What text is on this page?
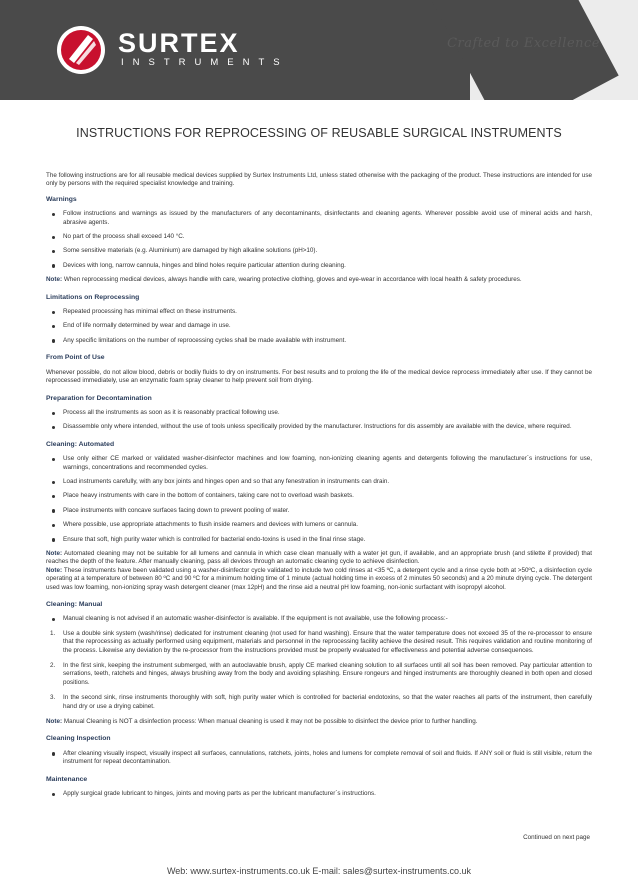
SURTEX
INSTRUMENTS
Crafted to Excellence
INSTRUCTIONS FOR REPROCESSING OF REUSABLE SURGICAL INSTRUMENTS

The following instructions are for all reusable medical devices supplied by Surtex Instruments Ltd, unless stated otherwise with the packaging of the product. These instructions are intended for use only by persons with the required specialist knowledge and training.

Warnings
Follow instructions and warnings as issued by the manufacturers of any decontaminants, disinfectants and cleaning agents. Wherever possible avoid use of mineral acids and harsh, abrasive agents.
No part of the process shall exceed 140 °C.
Some sensitive materials (e.g. Aluminium) are damaged by high alkaline solutions (pH>10).
Devices with long, narrow cannula, hinges and blind holes require particular attention during cleaning.

Note: When reprocessing medical devices, always handle with care, wearing protective clothing, gloves and eye-wear in accordance with local health & safety procedures.

Limitations on Reprocessing
Repeated processing has minimal effect on these instruments.
End of life normally determined by wear and damage in use.
Any specific limitations on the number of reprocessing cycles shall be made available with instrument.
From Point of Use

Whenever possible, do not allow blood, debris or bodily fluids to dry on instruments. For best results and to prolong the life of the medical device reprocess immediately after use. If they cannot be reprocessed immediately, use an enzymatic foam spray cleaner to help prevent soil from drying.

Preparation for Decontamination
Process all the instruments as soon as it is reasonably practical following use.
Disassemble only where intended, without the use of tools unless specifically provided by the manufacturer. Instructions for dis assembly are available with the device, where required.
Cleaning: Automated
Use only either CE marked or validated washer-disinfector machines and low foaming, non-ionizing cleaning agents and detergents following the manufacturer`s instructions for use, warnings, concentrations and recommended cycles.
Load instruments carefully, with any box joints and hinges open and so that any fenestration in instruments can drain.
Place heavy instruments with care in the bottom of containers, taking care not to overload wash baskets.
Place instruments with concave surfaces facing down to prevent pooling of water.
Where possible, use appropriate attachments to flush inside reamers and devices with lumens or cannula.
Ensure that soft, high purity water which is controlled for bacterial endo-toxins is used in the final rinse stage.

Note: Automated cleaning may not be suitable for all lumens and cannula in which case clean manually with a water jet gun, if available, and an appropriate brush (and stilette if provided) that reaches the depth of the feature. After manually cleaning, pass all devices through an automatic cleaning cycle to achieve disinfection.

Note: These instruments have been validated using a washer-disinfector cycle validated to include two cold rinses at <35 ºC, a detergent cycle and a rinse cycle both at >50ºC, a disinfection cycle operating at a temperature of between 80 ºC and 90 ºC for a minimum holding time of 1 minute (actual holding time in excess of 2 minutes 50 seconds) and a 20 minute drying cycle. The detergent used was low foaming, non-ionizing spray wash detergent cleaner (max 12pH) and the rinse aid a neutral pH low foaming, non-ionic surfactant with isopropyl alcohol.

Cleaning: Manual
Manual cleaning is not advised if an automatic washer-disinfector is available. If the equipment is not available, use the following process:-
1. Use a double sink system (wash/rinse) dedicated for instrument cleaning (not used for hand washing). Ensure that the water temperature does not exceed 35 of the re-processor to ensure that the reprocessing as actually performed using equipment, materials and personnel in the reprocessing facility achieve the desired result. This requires validation and routine monitoring of the process. Likewise any deviation by the re-processor from the instructions provided must be properly evaluated for effectiveness and potential adverse consequences.
2. In the first sink, keeping the instrument submerged, with an autoclavable brush, apply CE marked cleaning solution to all surfaces until all soil has been removed. Pay particular attention to serrations, teeth, ratchets and hinges, always brushing away from the body and avoiding splashing. Ensure rongeurs and hinged instruments are thoroughly cleaned in both open and closed positions.
3. In the second sink, rinse instruments thoroughly with soft, high purity water which is controlled for bacterial endotoxins, so that the water reaches all parts of the instrument, then carefully hand dry or use a drying cabinet.

Note: Manual Cleaning is NOT a disinfection process: When manual cleaning is used it may not be possible to disinfect the device prior to further handling.

Cleaning Inspection
After cleaning visually inspect, visually inspect all surfaces, cannulations, ratchets, joints, holes and lumens for complete removal of soil and fluids. If ANY soil or fluid is still visible, return the instrument for repeat decontamination.
Maintenance
Apply surgical grade lubricant to hinges, joints and moving parts as per the lubricant manufacturer`s instructions.
Continued on next page
Web: www.surtex-instruments.co.uk E-mail: sales@surtex-instruments.co.uk
